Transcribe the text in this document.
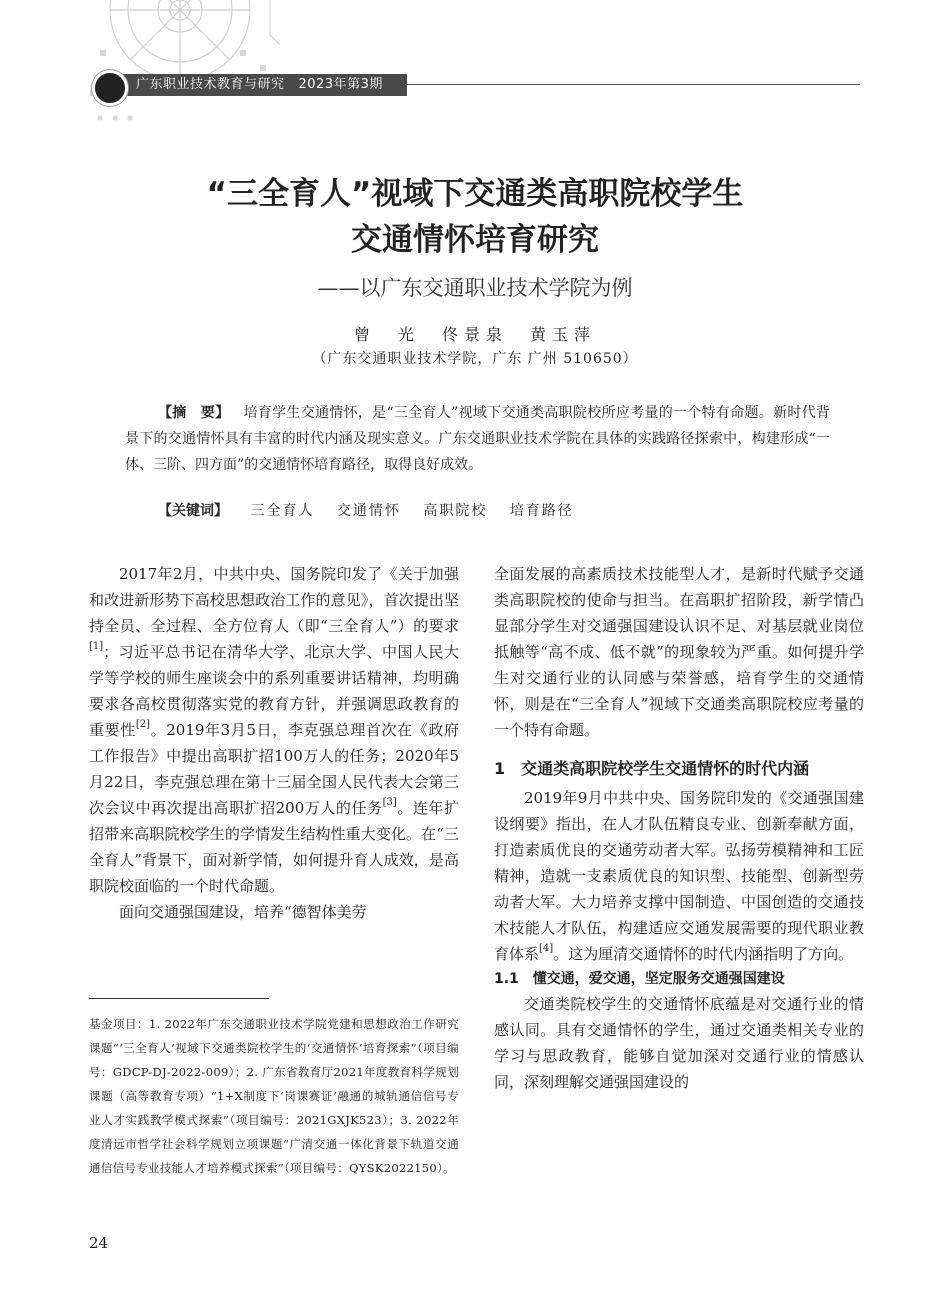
广东职业技术教育与研究 2023年第3期
“三全育人”视域下交通类高职院校学生
交通情怀培育研究
——以广东交通职业技术学院为例
曾　光　佟景泉　黄玉萍
（广东交通职业技术学院，广东 广州 510650）
【摘　要】 培育学生交通情怀，是“三全育人”视域下交通类高职院校所应考量的一个特有命题。新时代背景下的交通情怀具有丰富的时代内涵及现实意义。广东交通职业技术学院在具体的实践路径探索中，构建形成“一体、三阶、四方面”的交通情怀培育路径，取得良好成效。
【关键词】 三全育人 交通情怀 高职院校 培育路径

2017年2月，中共中央、国务院印发了《关于加强和改进新形势下高校思想政治工作的意见》，首次提出坚持全员、全过程、全方位育人（即“三全育人”）的要求[1]；习近平总书记在清华大学、北京大学、中国人民大学等学校的师生座谈会中的系列重要讲话精神，均明确要求各高校贯彻落实党的教育方针，并强调思政教育的重要性[2]。2019年3月5日，李克强总理首次在《政府工作报告》中提出高职扩招100万人的任务；2020年5月22日，李克强总理在第十三届全国人民代表大会第三次会议中再次提出高职扩招200万人的任务[3]。连年扩招带来高职院校学生的学情发生结构性重大变化。在“三全育人”背景下，面对新学情，如何提升育人成效，是高职院校面临的一个时代命题。

面向交通强国建设，培养“德智体美劳

基金项目：1. 2022年广东交通职业技术学院党建和思想政治工作研究课题“‘三全育人’视域下交通类院校学生的‘交通情怀’培育探索”（项目编号：GDCP-DJ-2022-009）；2. 广东省教育厅2021年度教育科学规划课题（高等教育专项）“1+X制度下‘岗课赛证’融通的城轨通信信号专业人才实践教学模式探索”（项目编号：2021GXJK523）；3. 2022年度清远市哲学社会科学规划立项课题“广清交通一体化背景下轨道交通通信信号专业技能人才培养模式探索”（项目编号：QYSK2022150）。

全面发展的高素质技术技能型人才，是新时代赋予交通类高职院校的使命与担当。在高职扩招阶段，新学情凸显部分学生对交通强国建设认识不足、对基层就业岗位抵触等“高不成、低不就”的现象较为严重。如何提升学生对交通行业的认同感与荣誉感，培育学生的交通情怀，则是在“三全育人”视域下交通类高职院校应考量的一个特有命题。

1　交通类高职院校学生交通情怀的时代内涵

2019年9月中共中央、国务院印发的《交通强国建设纲要》指出，在人才队伍精良专业、创新奉献方面，打造素质优良的交通劳动者大军。弘扬劳模精神和工匠精神，造就一支素质优良的知识型、技能型、创新型劳动者大军。大力培养支撑中国制造、中国创造的交通技术技能人才队伍，构建适应交通发展需要的现代职业教育体系[4]。这为厘清交通情怀的时代内涵指明了方向。

1.1　懂交通，爱交通，坚定服务交通强国建设

交通类院校学生的交通情怀底蕴是对交通行业的情感认同。具有交通情怀的学生，通过交通类相关专业的学习与思政教育，能够自觉加深对交通行业的情感认同，深刻理解交通强国建设的

24
